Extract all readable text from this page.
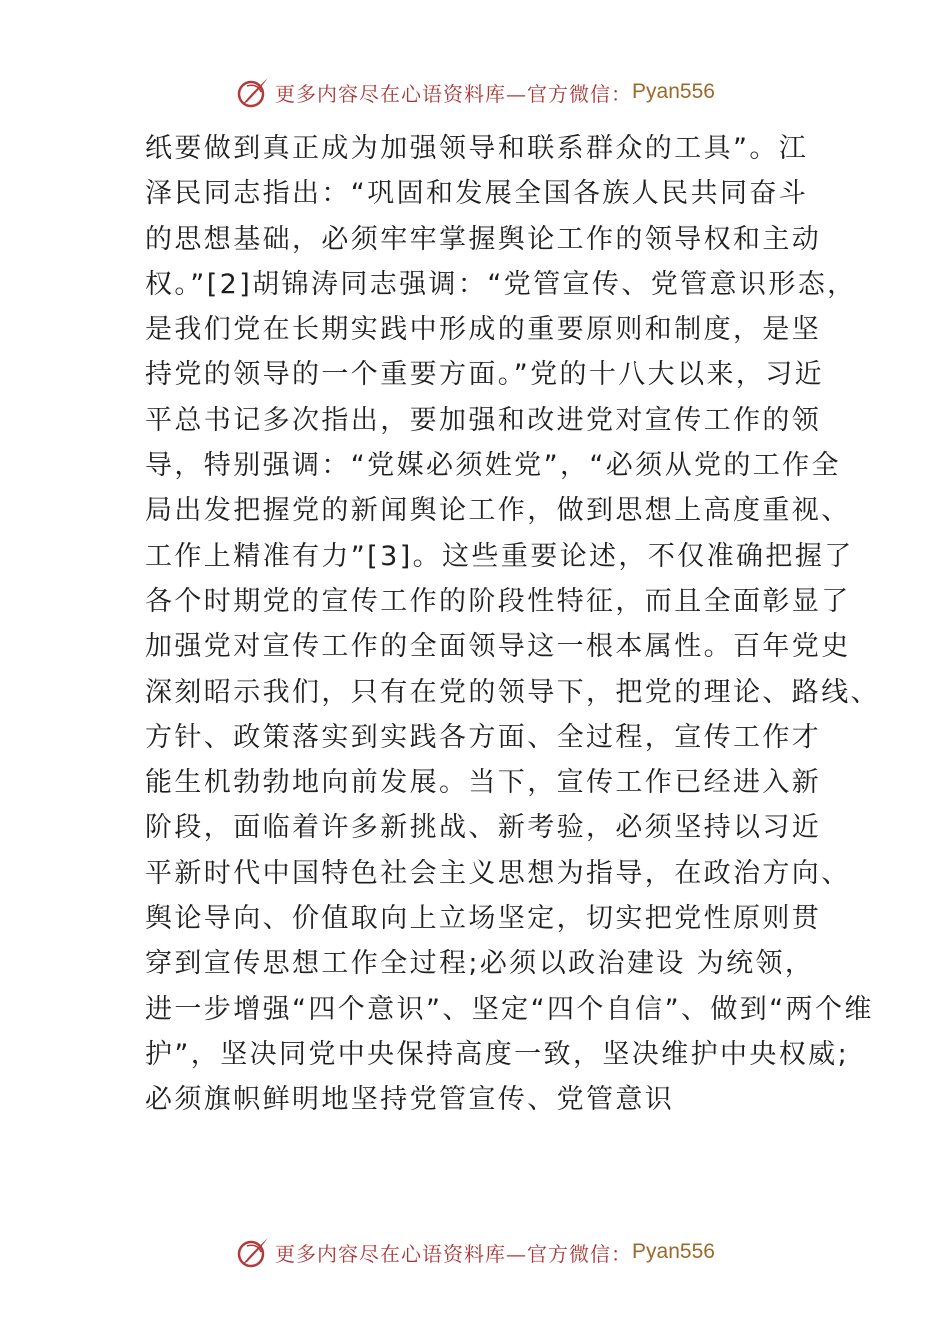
更多内容尽在心语资料库—官方微信： Pyan556
纸要做到真正成为加强领导和联系群众的工具”。江
泽民同志指出：“巩固和发展全国各族人民共同奋斗
的思想基础，必须牢牢掌握舆论工作的领导权和主动
权。”[2]胡锦涛同志强调：“党管宣传、党管意识形态，
是我们党在长期实践中形成的重要原则和制度，是坚
持党的领导的一个重要方面。”党的十八大以来，习近
平总书记多次指出，要加强和改进党对宣传工作的领
导，特别强调：“党媒必须姓党”，“必须从党的工作全
局出发把握党的新闻舆论工作，做到思想上高度重视、
工作上精准有力”[3]。这些重要论述，不仅准确把握了
各个时期党的宣传工作的阶段性特征，而且全面彰显了
加强党对宣传工作的全面领导这一根本属性。百年党史
深刻昭示我们，只有在党的领导下，把党的理论、路线、
方针、政策落实到实践各方面、全过程，宣传工作才
能生机勃勃地向前发展。当下，宣传工作已经进入新
阶段，面临着许多新挑战、新考验，必须坚持以习近
平新时代中国特色社会主义思想为指导，在政治方向、
舆论导向、价值取向上立场坚定，切实把党性原则贯
穿到宣传思想工作全过程;必须以政治建设 为统领，
进一步增强“四个意识”、坚定“四个自信”、做到“两个维
护”，坚决同党中央保持高度一致，坚决维护中央权威;
必须旗帜鲜明地坚持党管宣传、党管意识
更多内容尽在心语资料库—官方微信： Pyan556
